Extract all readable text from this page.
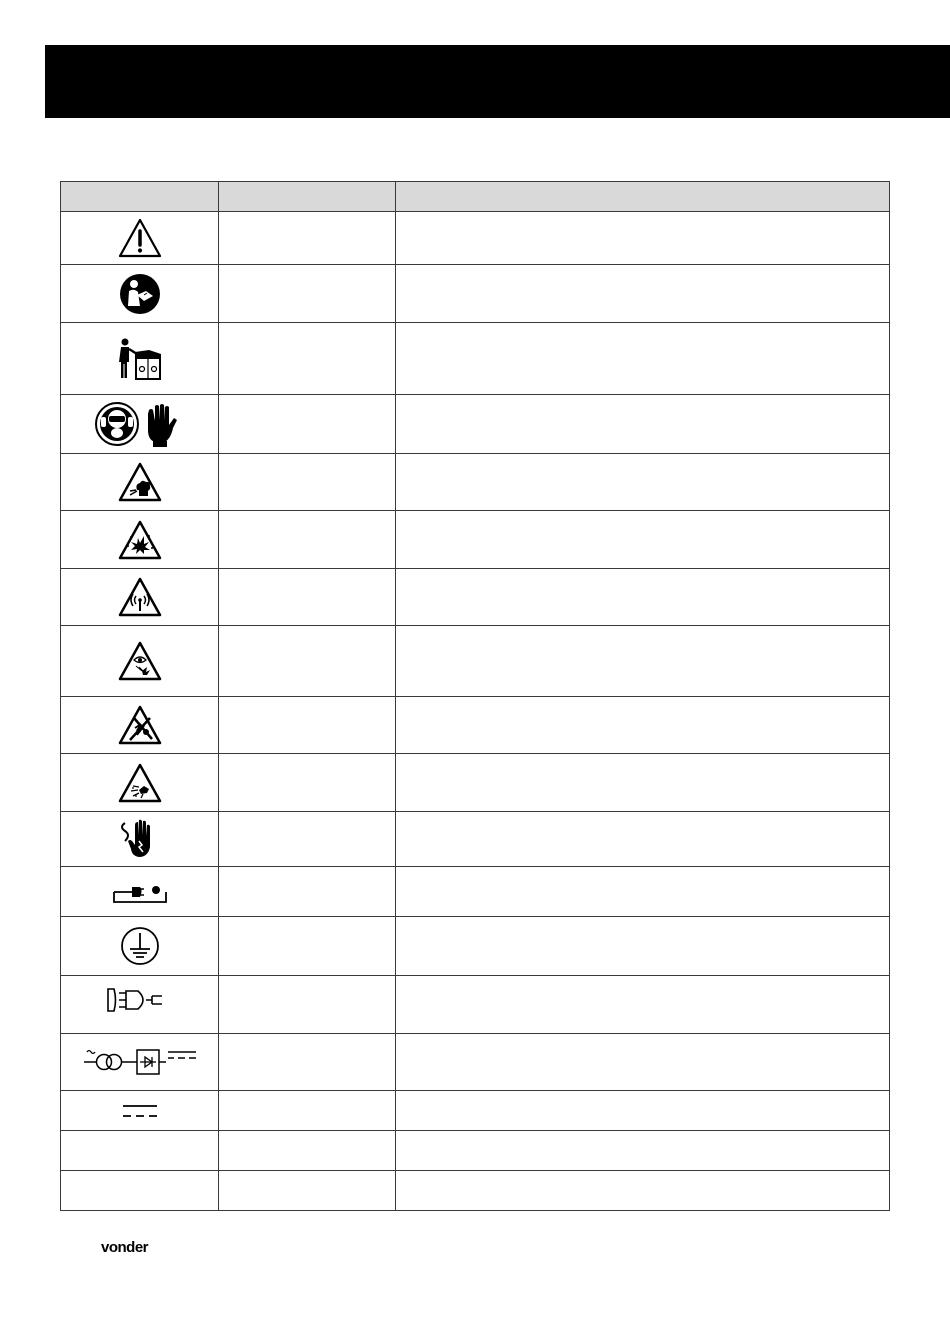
vonder
